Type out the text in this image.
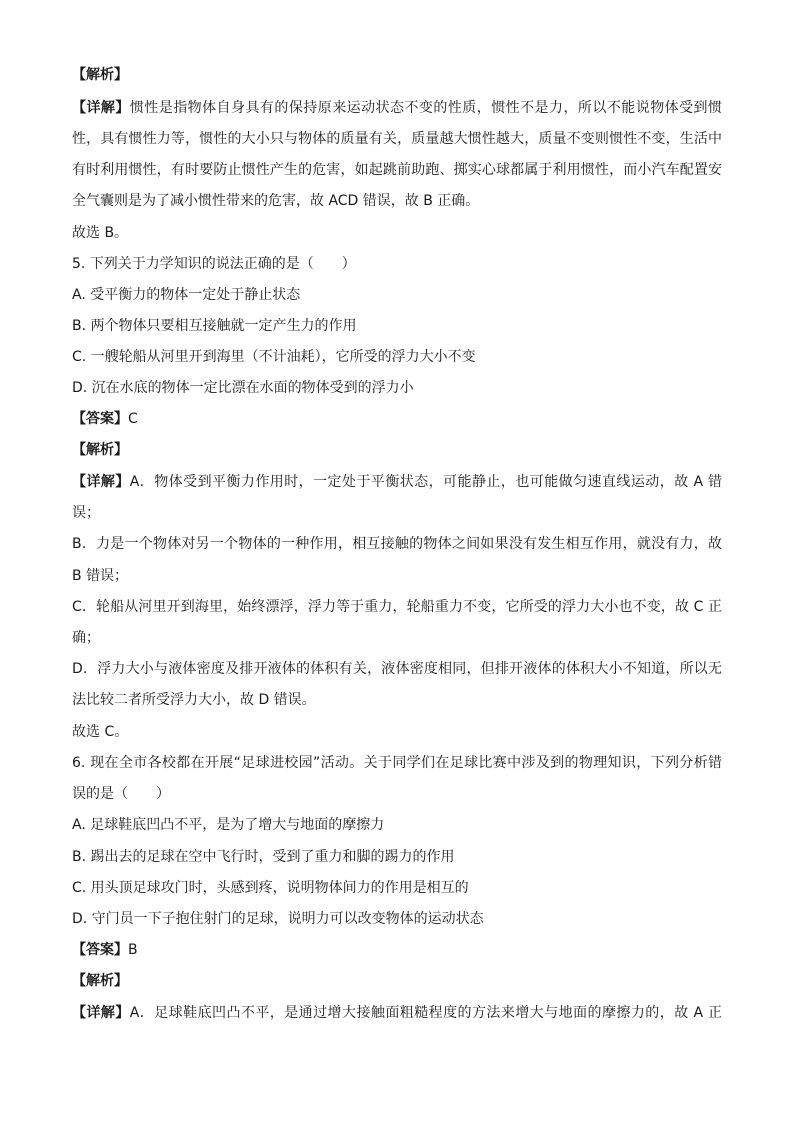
【解析】
【详解】惯性是指物体自身具有的保持原来运动状态不变的性质，惯性不是力，所以不能说物体受到惯
性，具有惯性力等，惯性的大小只与物体的质量有关，质量越大惯性越大，质量不变则惯性不变，生活中
有时利用惯性，有时要防止惯性产生的危害，如起跳前助跑、掷实心球都属于利用惯性，而小汽车配置安
全气囊则是为了减小惯性带来的危害，故 ACD 错误，故 B 正确。
故选 B。
5. 下列关于力学知识的说法正确的是（　　）
A. 受平衡力的物体一定处于静止状态
B. 两个物体只要相互接触就一定产生力的作用
C. 一艘轮船从河里开到海里（不计油耗），它所受的浮力大小不变
D. 沉在水底的物体一定比漂在水面的物体受到的浮力小
【答案】C
【解析】
【详解】A．物体受到平衡力作用时，一定处于平衡状态，可能静止，也可能做匀速直线运动，故 A 错
误；
B．力是一个物体对另一个物体的一种作用，相互接触的物体之间如果没有发生相互作用，就没有力，故
B 错误；
C．轮船从河里开到海里，始终漂浮，浮力等于重力，轮船重力不变，它所受的浮力大小也不变，故 C 正
确；
D．浮力大小与液体密度及排开液体的体积有关，液体密度相同，但排开液体的体积大小不知道，所以无
法比较二者所受浮力大小，故 D 错误。
故选 C。
6. 现在全市各校都在开展“足球进校园”活动。关于同学们在足球比赛中涉及到的物理知识，下列分析错
误的是（　　）
A. 足球鞋底凹凸不平，是为了增大与地面的摩擦力
B. 踢出去的足球在空中飞行时，受到了重力和脚的踢力的作用
C. 用头顶足球攻门时，头感到疼，说明物体间力的作用是相互的
D. 守门员一下子抱住射门的足球，说明力可以改变物体的运动状态
【答案】B
【解析】
【详解】A．足球鞋底凹凸不平，是通过增大接触面粗糙程度的方法来增大与地面的摩擦力的，故 A 正
